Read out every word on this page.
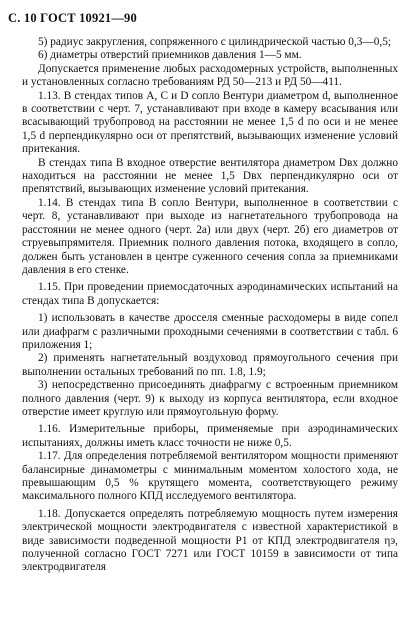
С. 10 ГОСТ 10921—90

5) радиус закругления, сопряженного с цилиндрической частью 0,3—0,5;

6) диаметры отверстий приемников давления 1—5 мм.

Допускается применение любых расходомерных устройств, выполненных и установленных согласно требованиям РД 50—213 и РД 50—411.

1.13. В стендах типов А, С и D сопло Вентури диаметром d, выполненное в соответствии с черт. 7, устанавливают при входе в камеру всасывания или всасывающий трубопровод на расстоянии не менее 1,5 d по оси и не менее 1,5 d перпендикулярно оси от препятствий, вызывающих изменение условий притекания.

В стендах типа В входное отверстие вентилятора диаметром Dвх должно находиться на расстоянии не менее 1,5 Dвх перпендикулярно оси от препятствий, вызывающих изменение условий притекания.

1.14. В стендах типа В сопло Вентури, выполненное в соответствии с черт. 8, устанавливают при выходе из нагнетательного трубопровода на расстоянии не менее одного (черт. 2а) или двух (черт. 2б) его диаметров от струевыпрямителя. Приемник полного давления потока, входящего в сопло, должен быть установлен в центре суженного сечения сопла за приемниками давления в его стенке.

1.15. При проведении приемосдаточных аэродинамических испытаний на стендах типа В допускается:

1) использовать в качестве дросселя сменные расходомеры в виде сопел или диафрагм с различными проходными сечениями в соответствии с табл. 6 приложения 1;

2) применять нагнетательный воздуховод прямоугольного сечения при выполнении остальных требований по пп. 1.8, 1.9;

3) непосредственно присоединять диафрагму с встроенным приемником полного давления (черт. 9) к выходу из корпуса вентилятора, если входное отверстие имеет круглую или прямоугольную форму.

1.16. Измерительные приборы, применяемые при аэродинамических испытаниях, должны иметь класс точности не ниже 0,5.

1.17. Для определения потребляемой вентилятором мощности применяют балансирные динамометры с минимальным моментом холостого хода, не превышающим 0,5 % крутящего момента, соответствующего режиму максимального полного КПД исследуемого вентилятора.

1.18. Допускается определять потребляемую мощность путем измерения электрической мощности электродвигателя с известной характеристикой в виде зависимости подведенной мощности P1 от КПД электродвигателя ηэ, полученной согласно ГОСТ 7271 или ГОСТ 10159 в зависимости от типа электродвигателя
